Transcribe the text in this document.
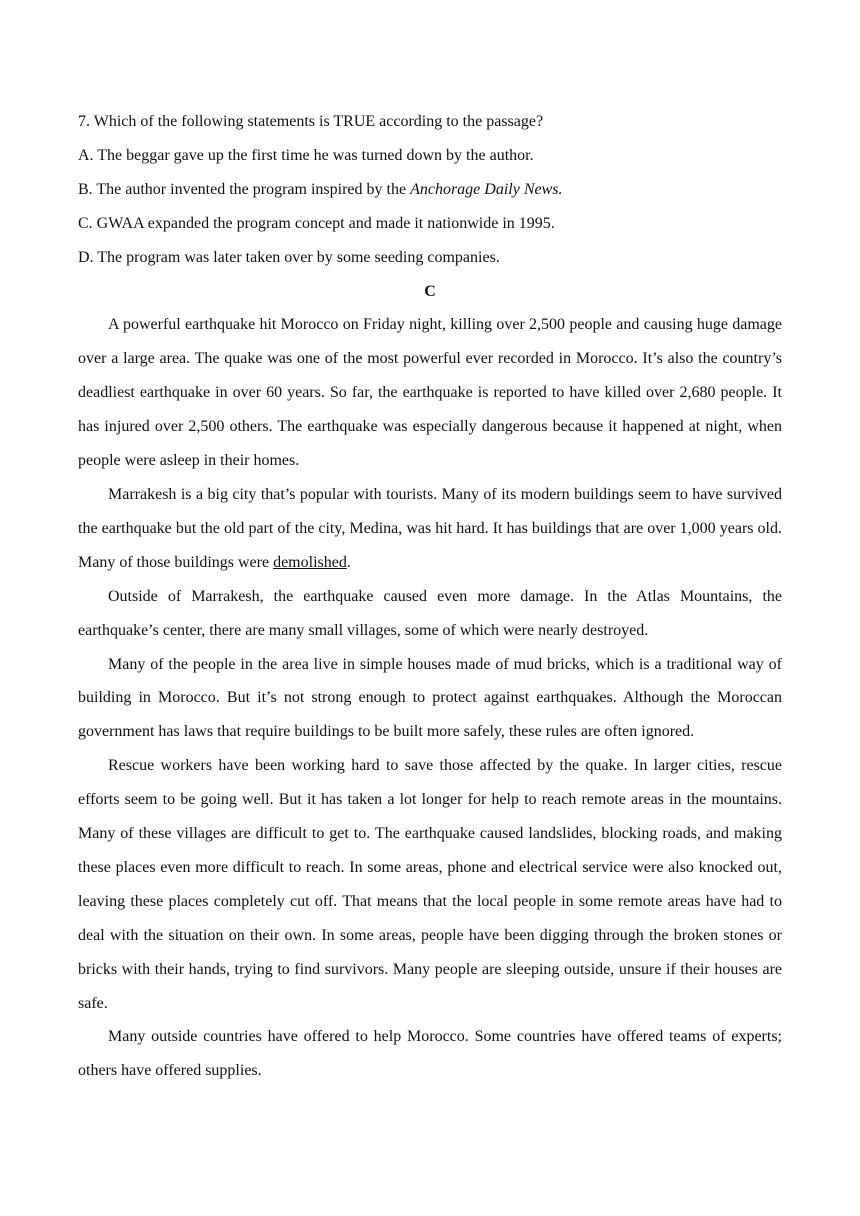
7. Which of the following statements is TRUE according to the passage?

A. The beggar gave up the first time he was turned down by the author.

B. The author invented the program inspired by the Anchorage Daily News.

C. GWAA expanded the program concept and made it nationwide in 1995.

D. The program was later taken over by some seeding companies.

C

A powerful earthquake hit Morocco on Friday night, killing over 2,500 people and causing huge damage over a large area. The quake was one of the most powerful ever recorded in Morocco. It’s also the country’s deadliest earthquake in over 60 years. So far, the earthquake is reported to have killed over 2,680 people. It has injured over 2,500 others. The earthquake was especially dangerous because it happened at night, when people were asleep in their homes.

Marrakesh is a big city that’s popular with tourists. Many of its modern buildings seem to have survived the earthquake but the old part of the city, Medina, was hit hard. It has buildings that are over 1,000 years old. Many of those buildings were demolished.

Outside of Marrakesh, the earthquake caused even more damage. In the Atlas Mountains, the earthquake’s center, there are many small villages, some of which were nearly destroyed.

Many of the people in the area live in simple houses made of mud bricks, which is a traditional way of building in Morocco. But it’s not strong enough to protect against earthquakes. Although the Moroccan government has laws that require buildings to be built more safely, these rules are often ignored.

Rescue workers have been working hard to save those affected by the quake. In larger cities, rescue efforts seem to be going well. But it has taken a lot longer for help to reach remote areas in the mountains. Many of these villages are difficult to get to. The earthquake caused landslides, blocking roads, and making these places even more difficult to reach. In some areas, phone and electrical service were also knocked out, leaving these places completely cut off. That means that the local people in some remote areas have had to deal with the situation on their own. In some areas, people have been digging through the broken stones or bricks with their hands, trying to find survivors. Many people are sleeping outside, unsure if their houses are safe.

Many outside countries have offered to help Morocco. Some countries have offered teams of experts; others have offered supplies.
